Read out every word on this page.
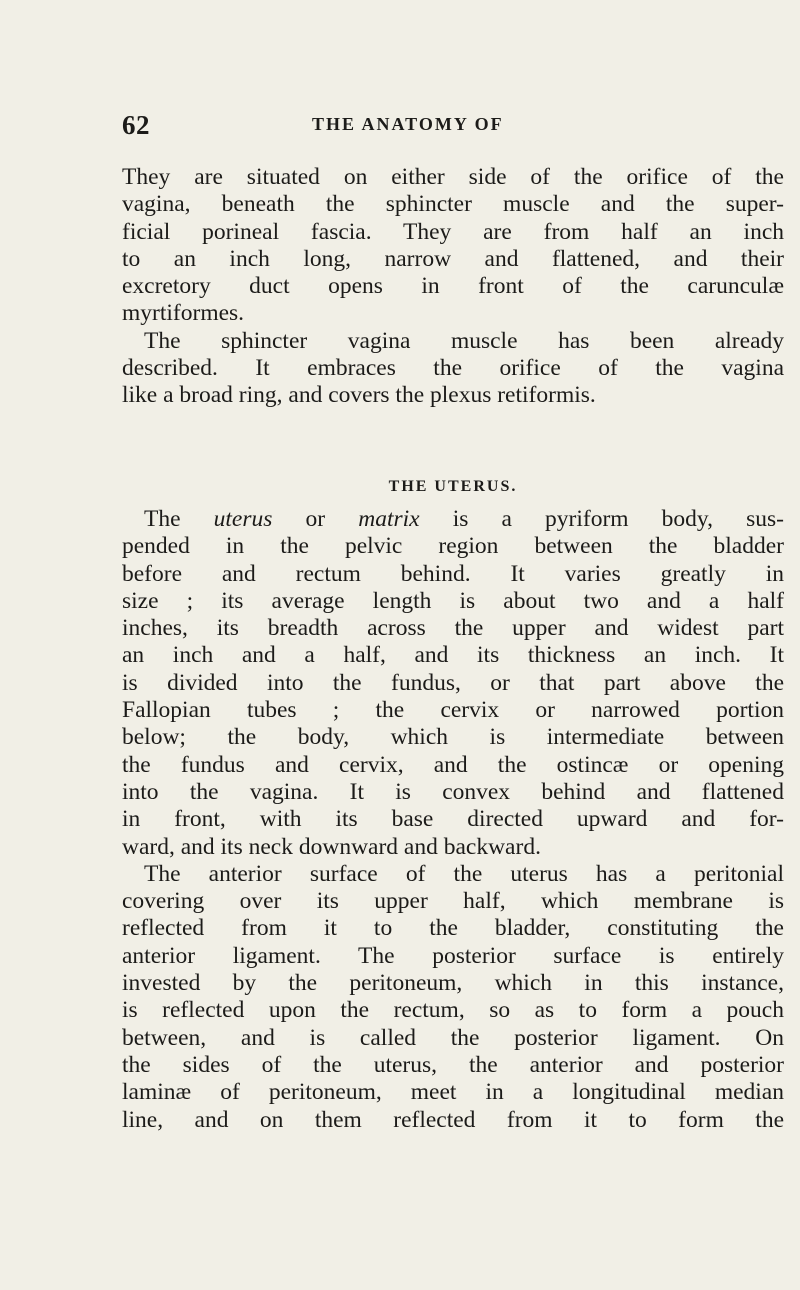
62	THE ANATOMY OF
They are situated on either side of the orifice of the
vagina, beneath the sphincter muscle and the super-
ficial porineal fascia. They are from half an inch
to an inch long, narrow and flattened, and their
excretory duct opens in front of the carunculæ
myrtiformes.
The sphincter vagina muscle has been already
described. It embraces the orifice of the vagina
like a broad ring, and covers the plexus retiformis.
THE UTERUS.
The uterus or matrix is a pyriform body, sus-
pended in the pelvic region between the bladder
before and rectum behind. It varies greatly in
size ; its average length is about two and a half
inches, its breadth across the upper and widest part
an inch and a half, and its thickness an inch. It
is divided into the fundus, or that part above the
Fallopian tubes ; the cervix or narrowed portion
below; the body, which is intermediate between
the fundus and cervix, and the ostincæ or opening
into the vagina. It is convex behind and flattened
in front, with its base directed upward and for-
ward, and its neck downward and backward.
The anterior surface of the uterus has a peritonial
covering over its upper half, which membrane is
reflected from it to the bladder, constituting the
anterior ligament. The posterior surface is entirely
invested by the peritoneum, which in this instance,
is reflected upon the rectum, so as to form a pouch
between, and is called the posterior ligament. On
the sides of the uterus, the anterior and posterior
laminæ of peritoneum, meet in a longitudinal median
line, and on them reflected from it to form the
